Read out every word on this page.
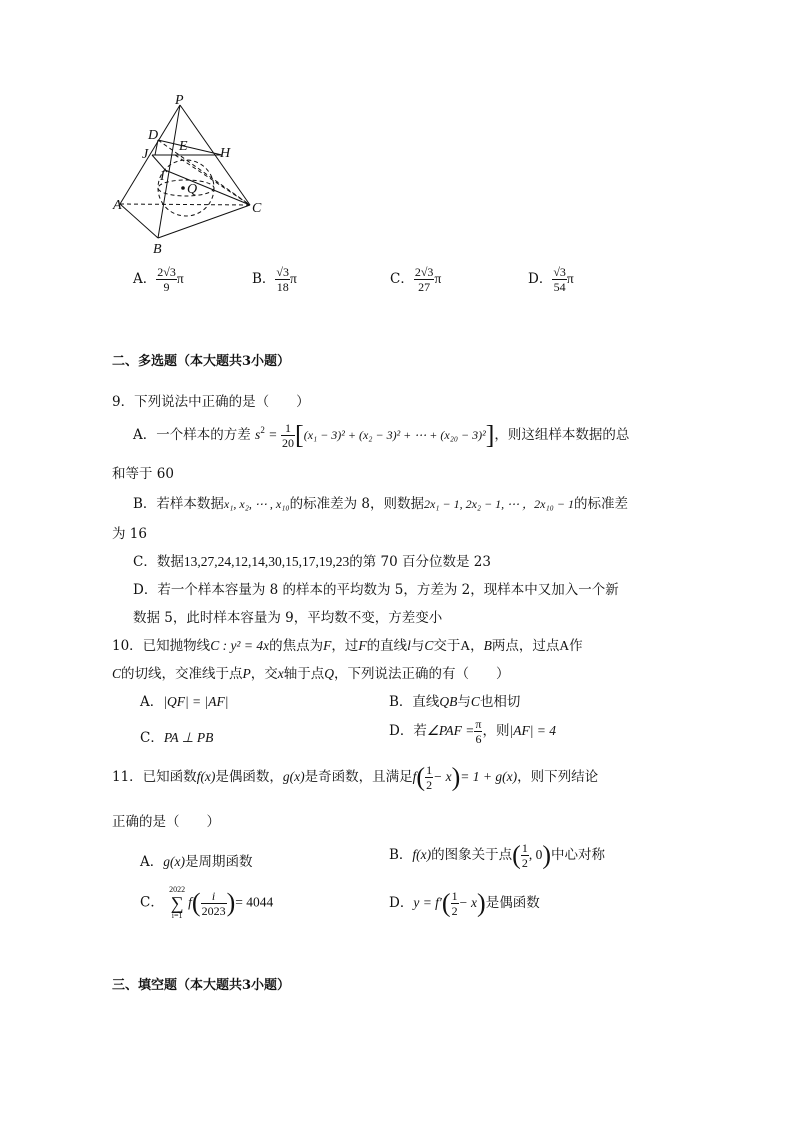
P
D
E
J	H
I
Q
A
B
C
A． $\frac{2√3}{9}$ π	B． $\frac{√3}{18}$ π	C． $\frac{2√3}{27}$ π	D． $\frac{√3}{54}$ π
二、多选题（本大题共3小题）
9．下列说法中正确的是（　　）
A．一个样本的方差 $s^2 = \frac{1}{20} [(x_1 - 3)^2 + (x_2 - 3)^2$ + ⋯ + (x₂₀ − 3)²]，则这组样本数据的总
和等于 60
B．若样本数据x₁, x₂, ⋯ , x₁₀的标准差为 8，则数据2x₁ − 1, 2x₂ − 1, ⋯ ，2x₁₀ − 1的标准差
为 16
C．数据13,27,24,12,14,30,15,17,19,23的第 70 百分位数是 23
D．若一个样本容量为 8 的样本的平均数为 5，方差为 2，现样本中又加入一个新
数据 5，此时样本容量为 9，平均数不变，方差变小
10．已知抛物线C : y² = 4x的焦点为F，过F的直线l与C交于A，B两点，过点A作
C的切线，交准线于点P，交x轴于点Q，下列说法正确的有（　　）
A．|QF| = |AF|	B．直线QB与C也相切
C．PA ⊥ PB	D．若∠PAF = $\frac{\pi}{6}$ ，则|AF| = 4
11．已知函数f(x)是偶函数，g(x)是奇函数，且满足$f( \frac{1}{2} - x)= 1 + g(x)$，则下列结论
正确的是（　　）
A．g(x)是周期函数	B．f(x)的图象关于点( $\frac{1}{2}$ , 0)中心对称
C．
2022
∑
i=1
$f( \frac{i}{2023}$ )= 4044	D．$y = f'( \frac{1}{2} - x)$是偶函数
三、填空题（本大题共3小题）
